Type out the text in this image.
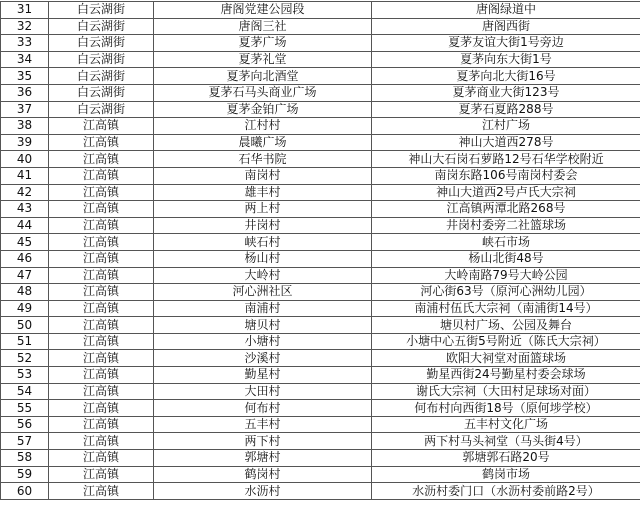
31	白云湖街	唐阁党建公园段	唐阁绿道中
32	白云湖街	唐阁三社	唐阁西街
33	白云湖街	夏茅广场	夏茅友谊大街1号旁边
34	白云湖街	夏茅礼堂	夏茅向东大街1号
35	白云湖街	夏茅向北酒堂	夏茅向北大街16号
36	白云湖街	夏茅石马头商业广场	夏茅商业大街123号
37	白云湖街	夏茅金铂广场	夏茅石夏路288号
38	江高镇	江村村	江村广场
39	江高镇	晨曦广场	神山大道西278号
40	江高镇	石华书院	神山大石岗石萝路12号石华学校附近
41	江高镇	南岗村	南岗东路106号南岗村委会
42	江高镇	雄丰村	神山大道西2号卢氏大宗祠
43	江高镇	两上村	江高镇两潭北路268号
44	江高镇	井岗村	井岗村委旁二社篮球场
45	江高镇	峡石村	峡石市场
46	江高镇	杨山村	杨山北街48号
47	江高镇	大岭村	大岭南路79号大岭公园
48	江高镇	河心洲社区	河心街63号（原河心洲幼儿园）
49	江高镇	南浦村	南浦村伍氏大宗祠（南浦街14号）
50	江高镇	塘贝村	塘贝村广场、公园及舞台
51	江高镇	小塘村	小塘中心五街5号附近（陈氏大宗祠）
52	江高镇	沙溪村	欧阳大祠堂对面篮球场
53	江高镇	勤星村	勤星西街24号勤星村委会球场
54	江高镇	大田村	谢氏大宗祠（大田村足球场对面）
55	江高镇	何布村	何布村向西街18号（原何埗学校）
56	江高镇	五丰村	五丰村文化广场
57	江高镇	两下村	两下村马头祠堂（马头街4号）
58	江高镇	郭塘村	郭塘郭石路20号
59	江高镇	鹤岗村	鹤岗市场
60	江高镇	水沥村	水沥村委门口（水沥村委前路2号）
